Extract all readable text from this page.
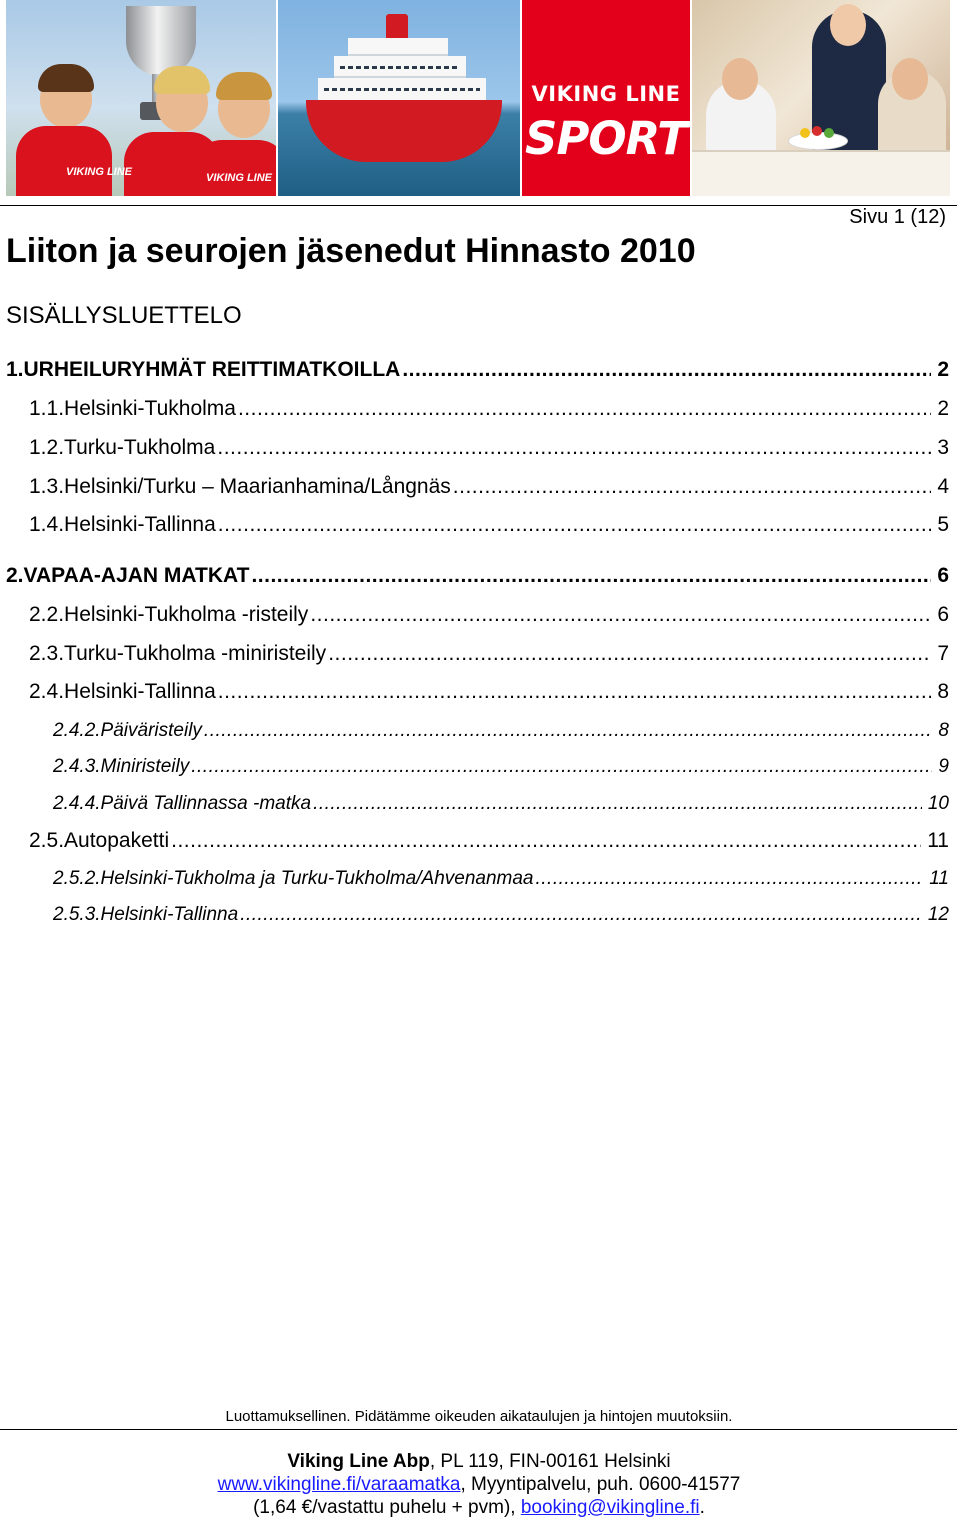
VIKING LINE	VIKING LINE
VIKING LINE
SPORT
Sivu 1 (12)
Liiton ja seurojen jäsenedut Hinnasto 2010
SISÄLLYSLUETTELO
1. URHEILURYHMÄT REITTIMATKOILLA .....	2
1.1. Helsinki-Tukholma .....	2
1.2. Turku-Tukholma .....	3
1.3. Helsinki/Turku – Maarianhamina/Långnäs .....	4
1.4. Helsinki-Tallinna .....	5
2. VAPAA-AJAN MATKAT .....	6
2.2. Helsinki-Tukholma -risteily .....	6
2.3. Turku-Tukholma -miniristeily .....	7
2.4. Helsinki-Tallinna .....	8
2.4.2. Päiväristeily .....	8
2.4.3. Miniristeily .....	9
2.4.4. Päivä Tallinnassa -matka .....	10
2.5. Autopaketti .....	11
2.5.2. Helsinki-Tukholma ja Turku-Tukholma/Ahvenanmaa .....	11
2.5.3. Helsinki-Tallinna .....	12
Luottamuksellinen. Pidätämme oikeuden aikataulujen ja hintojen muutoksiin.
Viking Line Abp, PL 119, FIN-00161 Helsinki
www.vikingline.fi/varaamatka, Myyntipalvelu, puh. 0600-41577
(1,64 €/vastattu puhelu + pvm), booking@vikingline.fi.
